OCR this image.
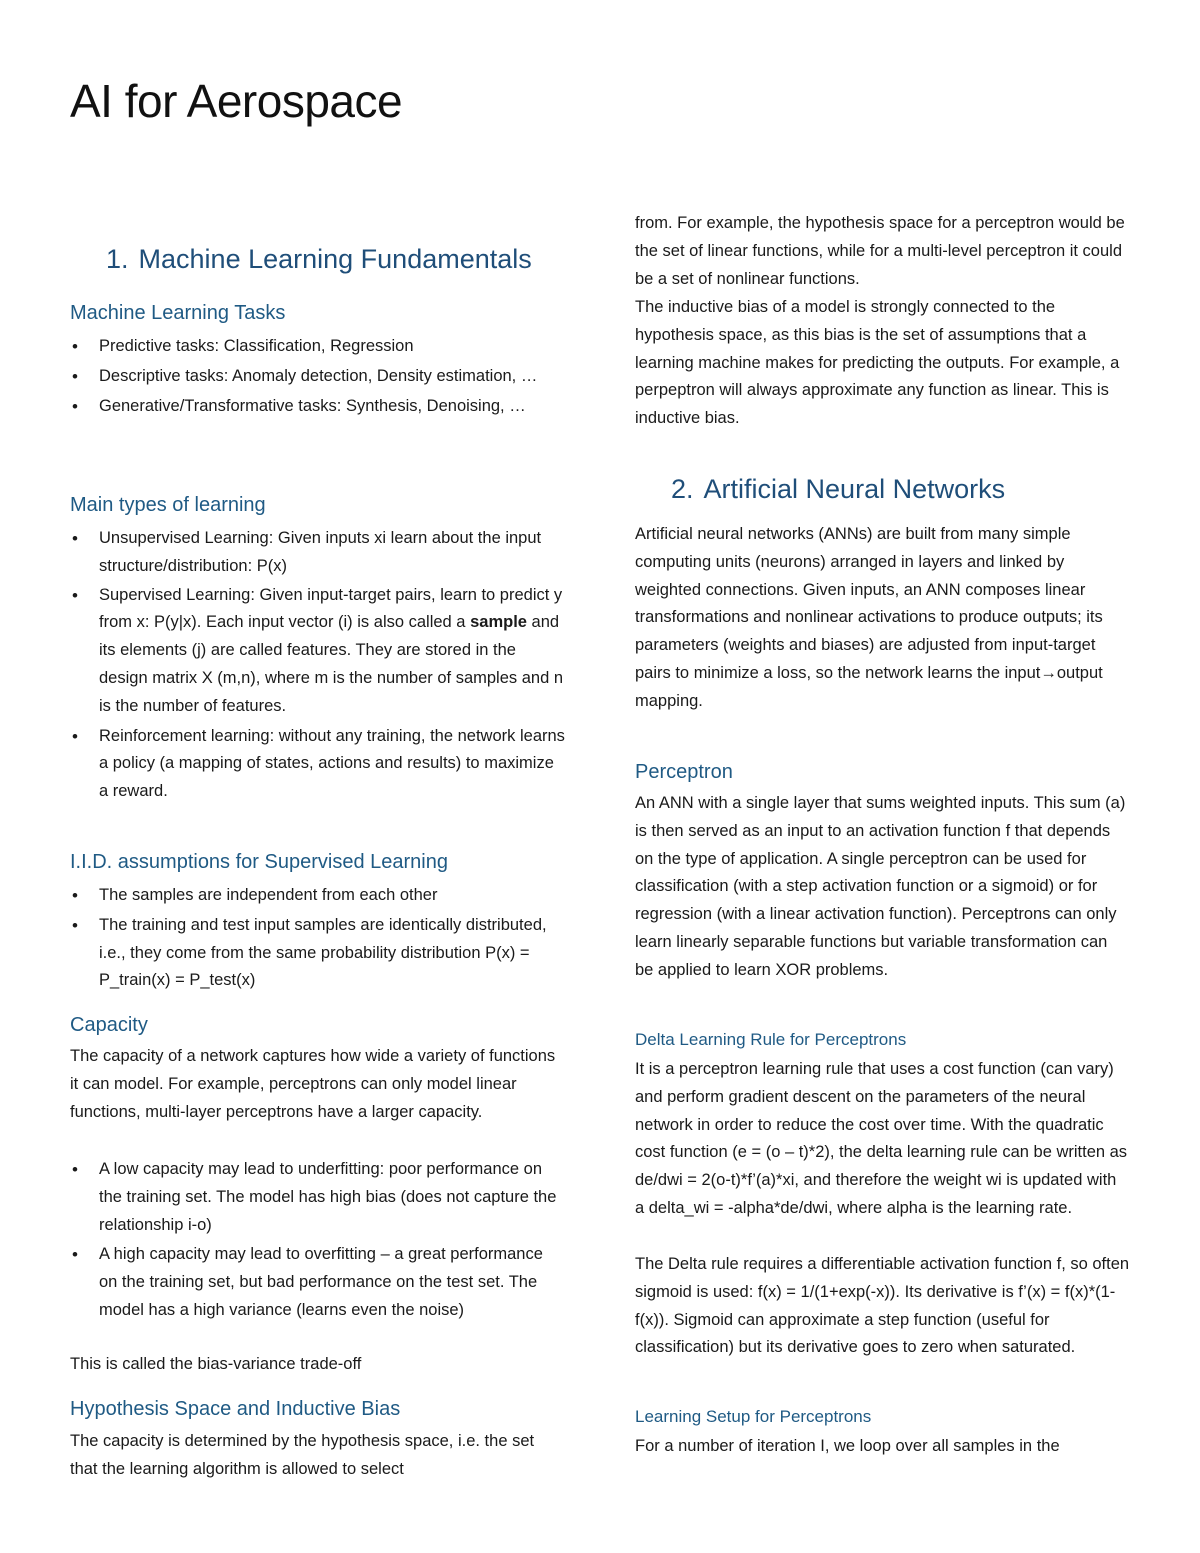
AI for Aerospace
1. Machine Learning Fundamentals
Machine Learning Tasks
• Predictive tasks: Classification, Regression
• Descriptive tasks: Anomaly detection, Density estimation, …
• Generative/Transformative tasks: Synthesis, Denoising, …
Main types of learning
• Unsupervised Learning: Given inputs xi learn about the input structure/distribution: P(x)
• Supervised Learning: Given input-target pairs, learn to predict y from x: P(y|x). Each input vector (i) is also called a sample and its elements (j) are called features. They are stored in the design matrix X (m,n), where m is the number of samples and n is the number of features.
• Reinforcement learning: without any training, the network learns a policy (a mapping of states, actions and results) to maximize a reward.
I.I.D. assumptions for Supervised Learning
• The samples are independent from each other
• The training and test input samples are identically distributed, i.e., they come from the same probability distribution P(x) = P_train(x) = P_test(x)
Capacity

The capacity of a network captures how wide a variety of functions it can model. For example, perceptrons can only model linear functions, multi-layer perceptrons have a larger capacity.

• A low capacity may lead to underfitting: poor performance on the training set. The model has high bias (does not capture the relationship i-o)
• A high capacity may lead to overfitting – a great performance on the training set, but bad performance on the test set. The model has a high variance (learns even the noise)

This is called the bias-variance trade-off

Hypothesis Space and Inductive Bias

The capacity is determined by the hypothesis space, i.e. the set that the learning algorithm is allowed to select

from. For example, the hypothesis space for a perceptron would be the set of linear functions, while for a multi-level perceptron it could be a set of nonlinear functions.

The inductive bias of a model is strongly connected to the hypothesis space, as this bias is the set of assumptions that a learning machine makes for predicting the outputs. For example, a perpeptron will always approximate any function as linear. This is inductive bias.

2. Artificial Neural Networks

Artificial neural networks (ANNs) are built from many simple computing units (neurons) arranged in layers and linked by weighted connections. Given inputs, an ANN composes linear transformations and nonlinear activations to produce outputs; its parameters (weights and biases) are adjusted from input-target pairs to minimize a loss, so the network learns the input→output mapping.

Perceptron

An ANN with a single layer that sums weighted inputs. This sum (a) is then served as an input to an activation function f that depends on the type of application. A single perceptron can be used for classification (with a step activation function or a sigmoid) or for regression (with a linear activation function). Perceptrons can only learn linearly separable functions but variable transformation can be applied to learn XOR problems.

Delta Learning Rule for Perceptrons

It is a perceptron learning rule that uses a cost function (can vary) and perform gradient descent on the parameters of the neural network in order to reduce the cost over time. With the quadratic cost function (e = (o – t)*2), the delta learning rule can be written as de/dwi = 2(o-t)*f’(a)*xi, and therefore the weight wi is updated with a delta_wi = -alpha*de/dwi, where alpha is the learning rate.

The Delta rule requires a differentiable activation function f, so often sigmoid is used: f(x) = 1/(1+exp(-x)). Its derivative is f’(x) = f(x)*(1-f(x)). Sigmoid can approximate a step function (useful for classification) but its derivative goes to zero when saturated.

Learning Setup for Perceptrons

For a number of iteration I, we loop over all samples in the
